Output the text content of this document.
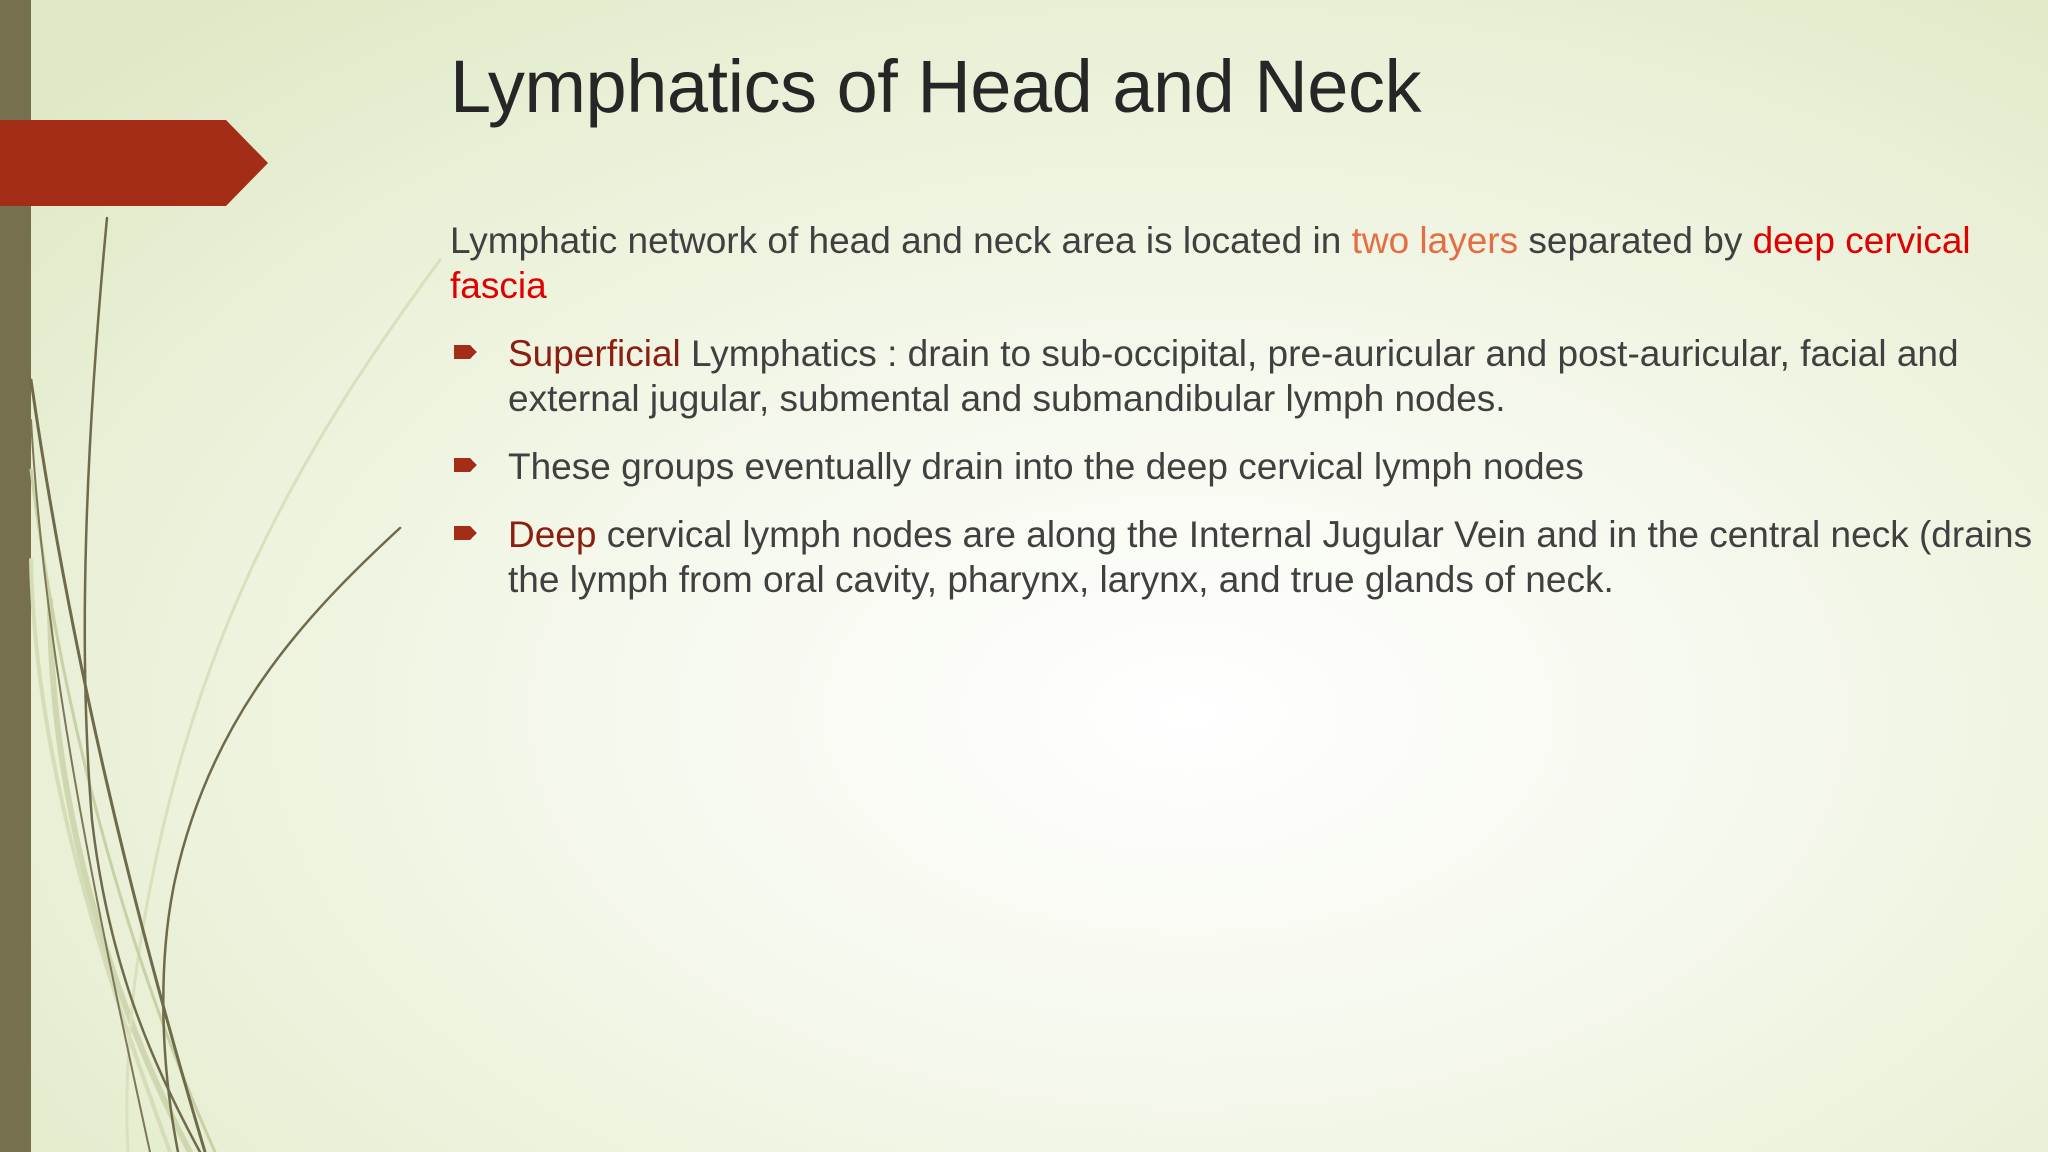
Lymphatics of Head and Neck

Lymphatic network of head and neck area is located in two layers separated by deep cervical fascia

Superficial Lymphatics : drain to sub-occipital, pre-auricular and post-auricular, facial and external jugular, submental and submandibular lymph nodes.
These groups eventually drain into the deep cervical lymph nodes
Deep cervical lymph nodes are along the Internal Jugular Vein and in the central neck (drains the lymph from oral cavity, pharynx, larynx, and true glands of neck.
